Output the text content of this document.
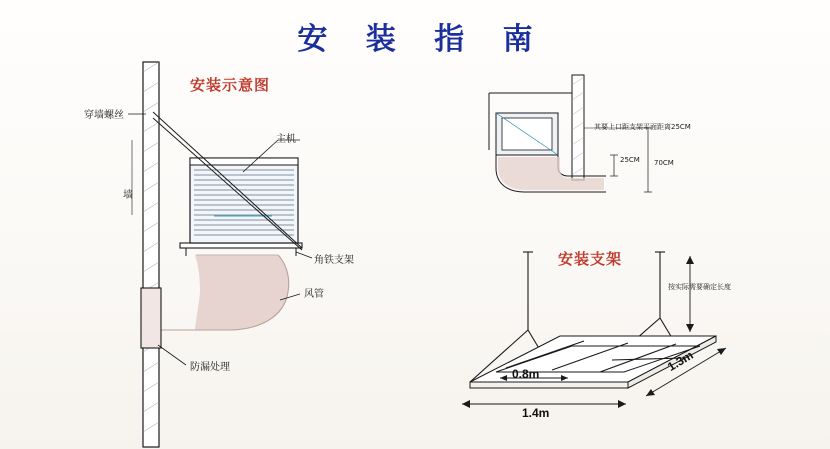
安 装 指 南
安装示意图
穿墙螺丝
主机
墙
角铁支架
风管
防漏处理
其要上口距支架平面距离25CM
25CM 70CM
安装支架
按实际需要确定长度
0.8m	1.3m
1.4m
